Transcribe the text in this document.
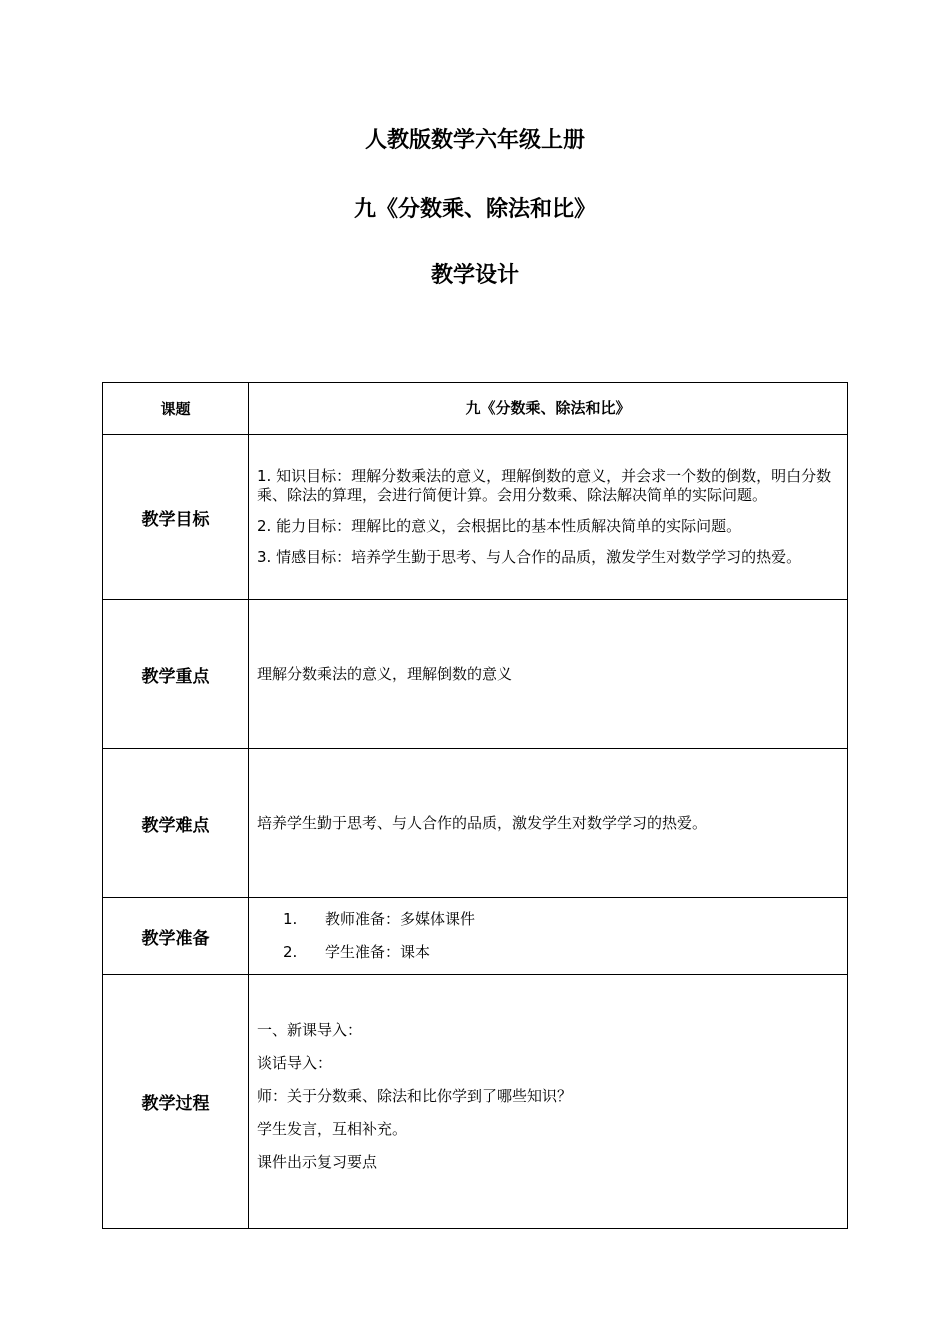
人教版数学六年级上册
九《分数乘、除法和比》
教学设计
课题	九《分数乘、除法和比》
教学目标	1. 知识目标：理解分数乘法的意义，理解倒数的意义，并会求一个数的倒数，明白分数乘、除法的算理，会进行简便计算。会用分数乘、除法解决简单的实际问题。
2. 能力目标：理解比的意义，会根据比的基本性质解决简单的实际问题。
3. 情感目标：培养学生勤于思考、与人合作的品质，激发学生对数学学习的热爱。

教学重点	理解分数乘法的意义，理解倒数的意义
教学难点	培养学生勤于思考、与人合作的品质，激发学生对数学学习的热爱。
教学准备	1. 教师准备：多媒体课件
2. 学生准备：课本

教学过程	一、新课导入：
谈话导入：
师：关于分数乘、除法和比你学到了哪些知识？
学生发言，互相补充。
课件出示复习要点
